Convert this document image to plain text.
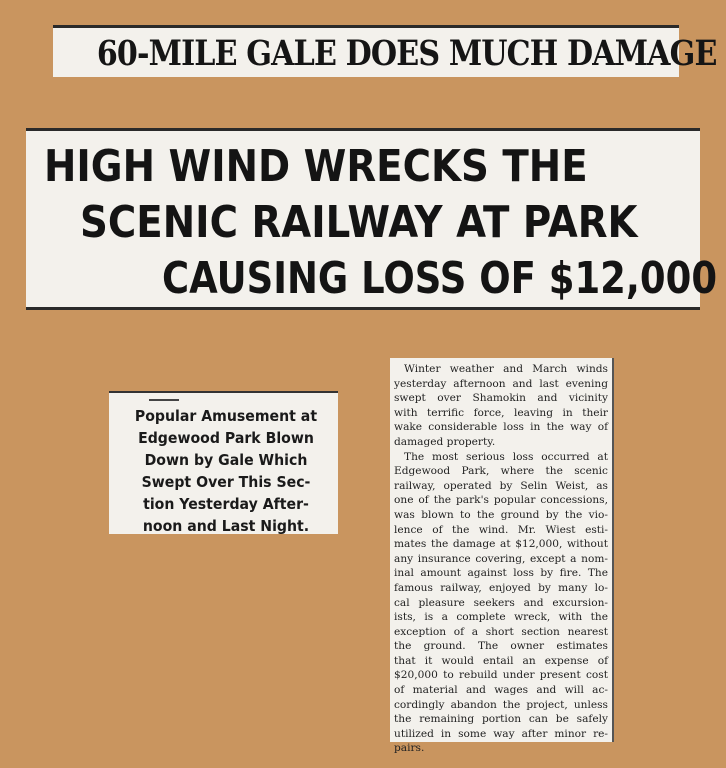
60-MILE GALE DOES MUCH DAMAGE
HIGH WIND WRECKS THE
SCENIC RAILWAY AT PARK
CAUSING LOSS OF $12,000
Popular Amusement at
Edgewood Park Blown
Down by Gale Which
Swept Over This Sec-
tion Yesterday After-
noon and Last Night.

Winter weather and March winds
yesterday afternoon and last evening
swept over Shamokin and vicinity
with terrific force, leaving in their
wake considerable loss in the way of
damaged property.

The most serious loss occurred at
Edgewood Park, where the scenic
railway, operated by Selin Weist, as
one of the park's popular concessions,
was blown to the ground by the vio-
lence of the wind. Mr. Wiest esti-
mates the damage at $12,000, without
any insurance covering, except a nom-
inal amount against loss by fire. The
famous railway, enjoyed by many lo-
cal pleasure seekers and excursion-
ists, is a complete wreck, with the
exception of a short section nearest
the ground. The owner estimates
that it would entail an expense of
$20,000 to rebuild under present cost
of material and wages and will ac-
cordingly abandon the project, unless
the remaining portion can be safely
utilized in some way after minor re-
pairs.
